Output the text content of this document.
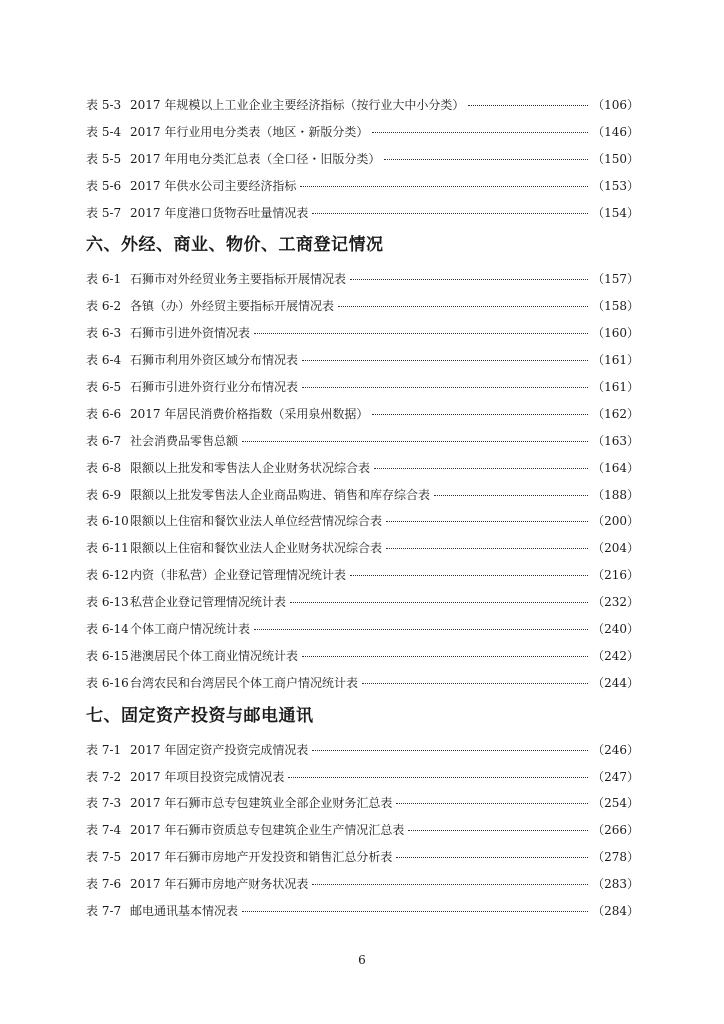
表 5-3 2017 年规模以上工业企业主要经济指标（按行业大中小分类）	（106）
表 5-4 2017 年行业用电分类表（地区・新版分类）	（146）
表 5-5 2017 年用电分类汇总表（全口径・旧版分类）	（150）
表 5-6 2017 年供水公司主要经济指标	（153）
表 5-7 2017 年度港口货物吞吐量情况表	（154）
六、外经、商业、物价、工商登记情况
表 6-1 石狮市对外经贸业务主要指标开展情况表	（157）
表 6-2 各镇（办）外经贸主要指标开展情况表	（158）
表 6-3 石狮市引进外资情况表	（160）
表 6-4 石狮市利用外资区域分布情况表	（161）
表 6-5 石狮市引进外资行业分布情况表	（161）
表 6-6 2017 年居民消费价格指数（采用泉州数据）	（162）
表 6-7 社会消费品零售总额	（163）
表 6-8 限额以上批发和零售法人企业财务状况综合表	（164）
表 6-9 限额以上批发零售法人企业商品购进、销售和库存综合表	（188）
表 6-10 限额以上住宿和餐饮业法人单位经营情况综合表	（200）
表 6-11 限额以上住宿和餐饮业法人企业财务状况综合表	（204）
表 6-12 内资（非私营）企业登记管理情况统计表	（216）
表 6-13 私营企业登记管理情况统计表	（232）
表 6-14 个体工商户情况统计表	（240）
表 6-15 港澳居民个体工商业情况统计表	（242）
表 6-16 台湾农民和台湾居民个体工商户情况统计表	（244）
七、固定资产投资与邮电通讯
表 7-1 2017 年固定资产投资完成情况表	（246）
表 7-2 2017 年项目投资完成情况表	（247）
表 7-3 2017 年石狮市总专包建筑业全部企业财务汇总表	（254）
表 7-4 2017 年石狮市资质总专包建筑企业生产情况汇总表	（266）
表 7-5 2017 年石狮市房地产开发投资和销售汇总分析表	（278）
表 7-6 2017 年石狮市房地产财务状况表	（283）
表 7-7 邮电通讯基本情况表	（284）
6
